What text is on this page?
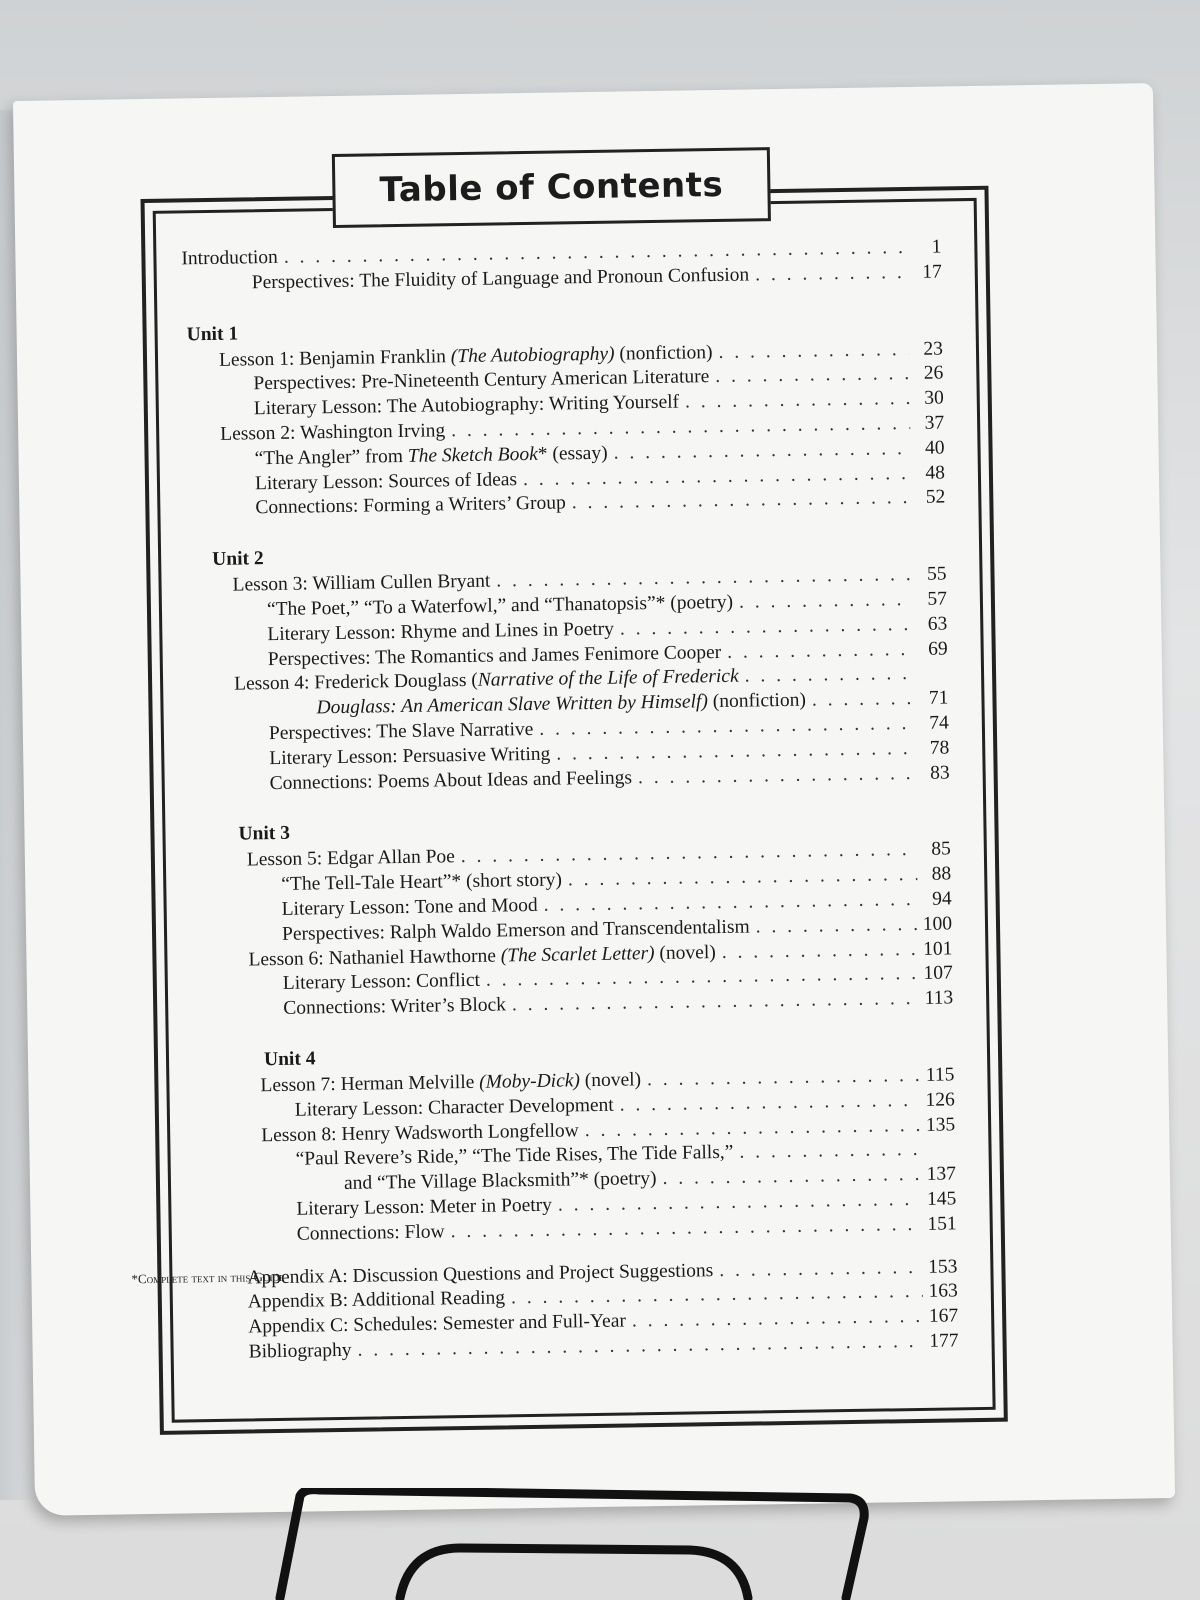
Table of Contents
Introduction . . .	1
Perspectives: The Fluidity of Language and Pronoun Confusion . . .	17
Unit 1
Lesson 1: Benjamin Franklin (The Autobiography) (nonfiction) . . .	23
Perspectives: Pre-Nineteenth Century American Literature . . .	26
Literary Lesson: The Autobiography: Writing Yourself . . .	30
Lesson 2: Washington Irving . . .	37
“The Angler” from The Sketch Book* (essay) . . .	40
Literary Lesson: Sources of Ideas . . .	48
Connections: Forming a Writers’ Group . . .	52
Unit 2
Lesson 3: William Cullen Bryant . . .	55
“The Poet,” “To a Waterfowl,” and “Thanatopsis”* (poetry) . . .	57
Literary Lesson: Rhyme and Lines in Poetry . . .	63
Perspectives: The Romantics and James Fenimore Cooper . . .	69
Lesson 4: Frederick Douglass (Narrative of the Life of Frederick
. . .
Douglass: An American Slave Written by Himself) (nonfiction) . . .	71
Perspectives: The Slave Narrative . . .	74
Literary Lesson: Persuasive Writing . . .	78
Connections: Poems About Ideas and Feelings . . .	83
Unit 3
Lesson 5: Edgar Allan Poe . . .	85
“The Tell-Tale Heart”* (short story) . . .	88
Literary Lesson: Tone and Mood . . .	94
Perspectives: Ralph Waldo Emerson and Transcendentalism . . .	100
Lesson 6: Nathaniel Hawthorne (The Scarlet Letter) (novel) . . .	101
Literary Lesson: Conflict . . .	107
Connections: Writer’s Block . . .	113
Unit 4
Lesson 7: Herman Melville (Moby-Dick) (novel) . . .	115
Literary Lesson: Character Development . . .	126
Lesson 8: Henry Wadsworth Longfellow . . .	135
“Paul Revere’s Ride,” “The Tide Rises, The Tide Falls,”
. . .
and “The Village Blacksmith”* (poetry) . . .	137
Literary Lesson: Meter in Poetry . . .	145
Connections: Flow . . .	151
Appendix A: Discussion Questions and Project Suggestions . . .	153
Appendix B: Additional Reading . . .	163
Appendix C: Schedules: Semester and Full-Year . . .	167
Bibliography . . .	177
*Complete text in this Guide
